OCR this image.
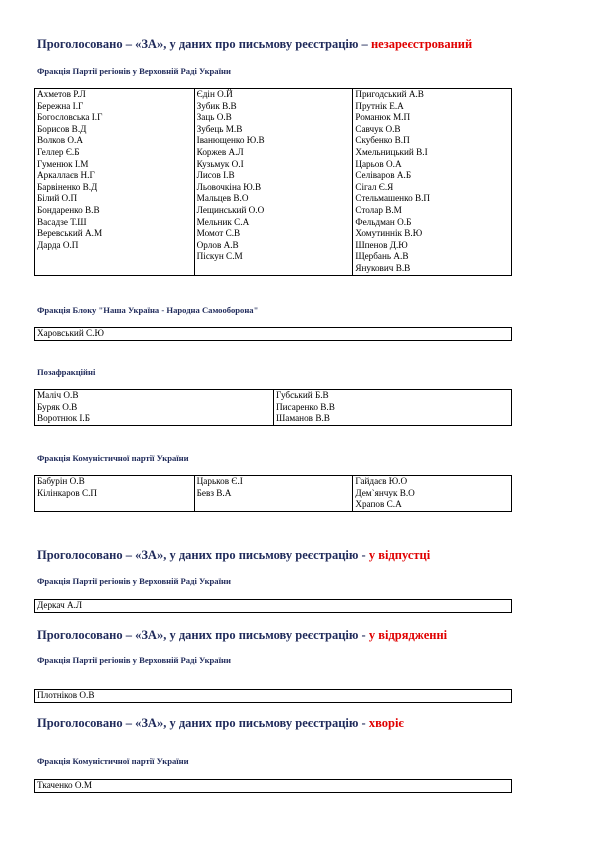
Проголосовано – «ЗА», у даних про письмову реєстрацію – незареєстрований
Фракція Партії регіонів у Верховній Раді України
Ахметов Р.Л
Бережна І.Г
Богословська І.Г
Борисов В.Д
Волков О.А
Геллер Є.Б
Гуменюк І.М
Аркаллаєв Н.Г
Барвіненко В.Д
Білий О.П
Бондаренко В.В
Васадзе Т.Ш
Веревський А.М
Дарда О.П
Єдін О.Й
Зубик В.В
Заць О.В
Зубець М.В
Іванющенко Ю.В
Коржев А.Л
Кузьмук О.І
Лисов І.В
Льовочкіна Ю.В
Мальцев В.О
Лещинський О.О
Мельник С.А
Момот С.В
Орлов А.В
Піскун С.М
Пригодський А.В
Прутнік Е.А
Романюк М.П
Савчук О.В
Скубенко В.П
Хмельницький В.І
Царьов О.А
Селіваров А.Б
Сігал Є.Я
Стельмашенко В.П
Столар В.М
Фельдман О.Б
Хомутиннік В.Ю
Шпенов Д.Ю
Щербань А.В
Янукович В.В
Фракція Блоку "Наша Україна - Народна Самооборона"
Харовський С.Ю
Позафракційні
Маліч О.В
Буряк О.В
Воротнюк І.Б
Губський Б.В
Писаренко В.В
Шаманов В.В
Фракція Комуністичної партії України
Бабурін О.В
Кілінкаров С.П
Царьков Є.І
Бевз В.А
Гайдаєв Ю.О
Дем`янчук В.О
Храпов С.А
Проголосовано – «ЗА», у даних про письмову реєстрацію - у відпустці
Фракція Партії регіонів у Верховній Раді України
Деркач А.Л
Проголосовано – «ЗА», у даних про письмову реєстрацію - у відрядженні
Фракція Партії регіонів у Верховній Раді України
Плотніков О.В
Проголосовано – «ЗА», у даних про письмову реєстрацію - хворіє
Фракція Комуністичної партії України
Ткаченко О.М
